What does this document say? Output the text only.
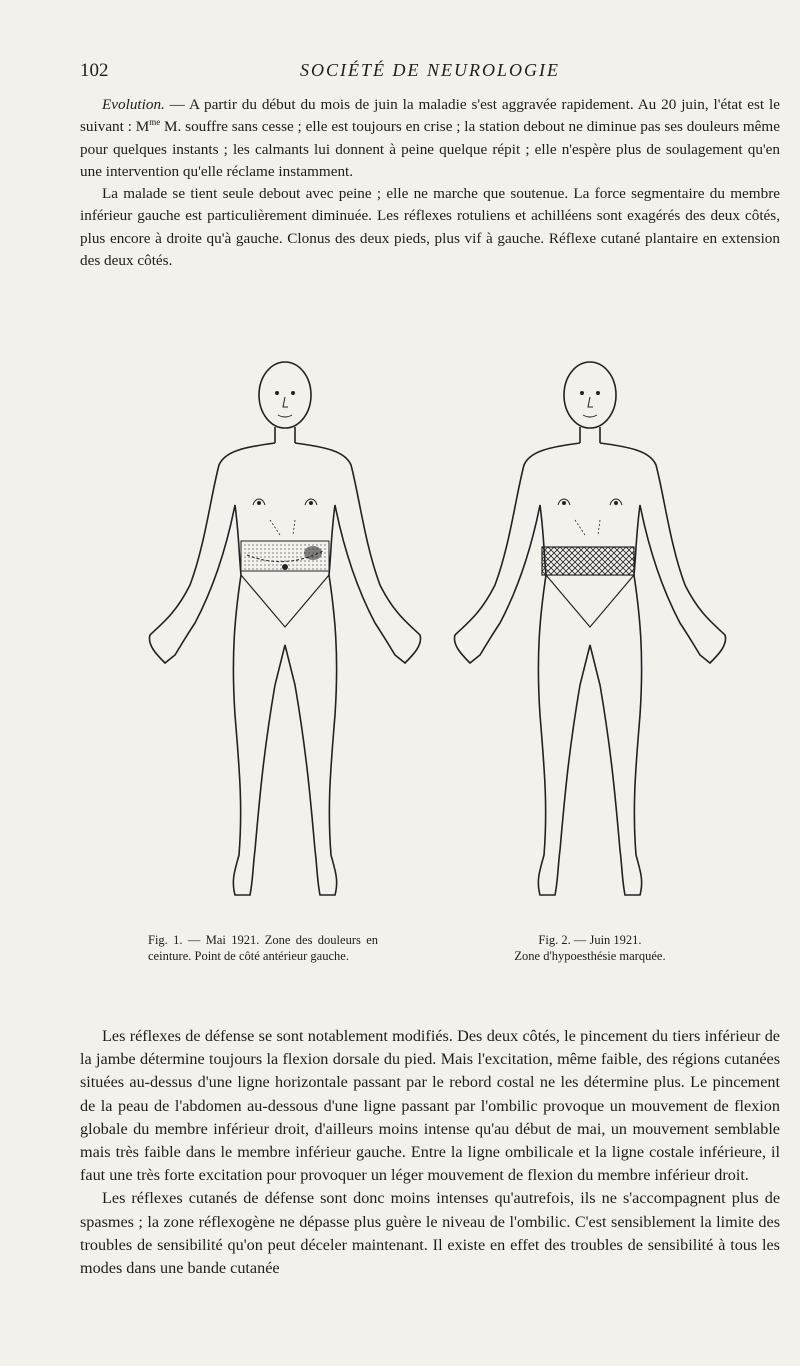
102	SOCIÉTÉ DE NEUROLOGIE

Evolution. — A partir du début du mois de juin la maladie s'est aggravée rapidement. Au 20 juin, l'état est le suivant : $M^{me}$ M. souffre sans cesse ; elle est toujours en crise ; la station debout ne diminue pas ses douleurs même pour quelques instants ; les calmants lui donnent à peine quelque répit ; elle n'espère plus de soulagement qu'en une intervention qu'elle réclame instamment.

La malade se tient seule debout avec peine ; elle ne marche que soutenue. La force segmentaire du membre inférieur gauche est particulièrement diminuée. Les réflexes rotuliens et achilléens sont exagérés des deux côtés, plus encore à droite qu'à gauche. Clonus des deux pieds, plus vif à gauche. Réflexe cutané plantaire en extension des deux côtés.

Fig. 1. — Mai 1921. Zone des douleurs en ceinture. Point de côté antérieur gauche.
Fig. 2. — Juin 1921.
Zone d'hypoesthésie marquée.

Les réflexes de défense se sont notablement modifiés. Des deux côtés, le pincement du tiers inférieur de la jambe détermine toujours la flexion dorsale du pied. Mais l'excitation, même faible, des régions cutanées situées au-dessus d'une ligne horizontale passant par le rebord costal ne les détermine plus. Le pincement de la peau de l'abdomen au-dessous d'une ligne passant par l'ombilic provoque un mouvement de flexion globale du membre inférieur droit, d'ailleurs moins intense qu'au début de mai, un mouvement semblable mais très faible dans le membre inférieur gauche. Entre la ligne ombilicale et la ligne costale inférieure, il faut une très forte excitation pour provoquer un léger mouvement de flexion du membre inférieur droit.

Les réflexes cutanés de défense sont donc moins intenses qu'autrefois, ils ne s'accompagnent plus de spasmes ; la zone réflexogène ne dépasse plus guère le niveau de l'ombilic. C'est sensiblement la limite des troubles de sensibilité qu'on peut déceler maintenant. Il existe en effet des troubles de sensibilité à tous les modes dans une bande cutanée
